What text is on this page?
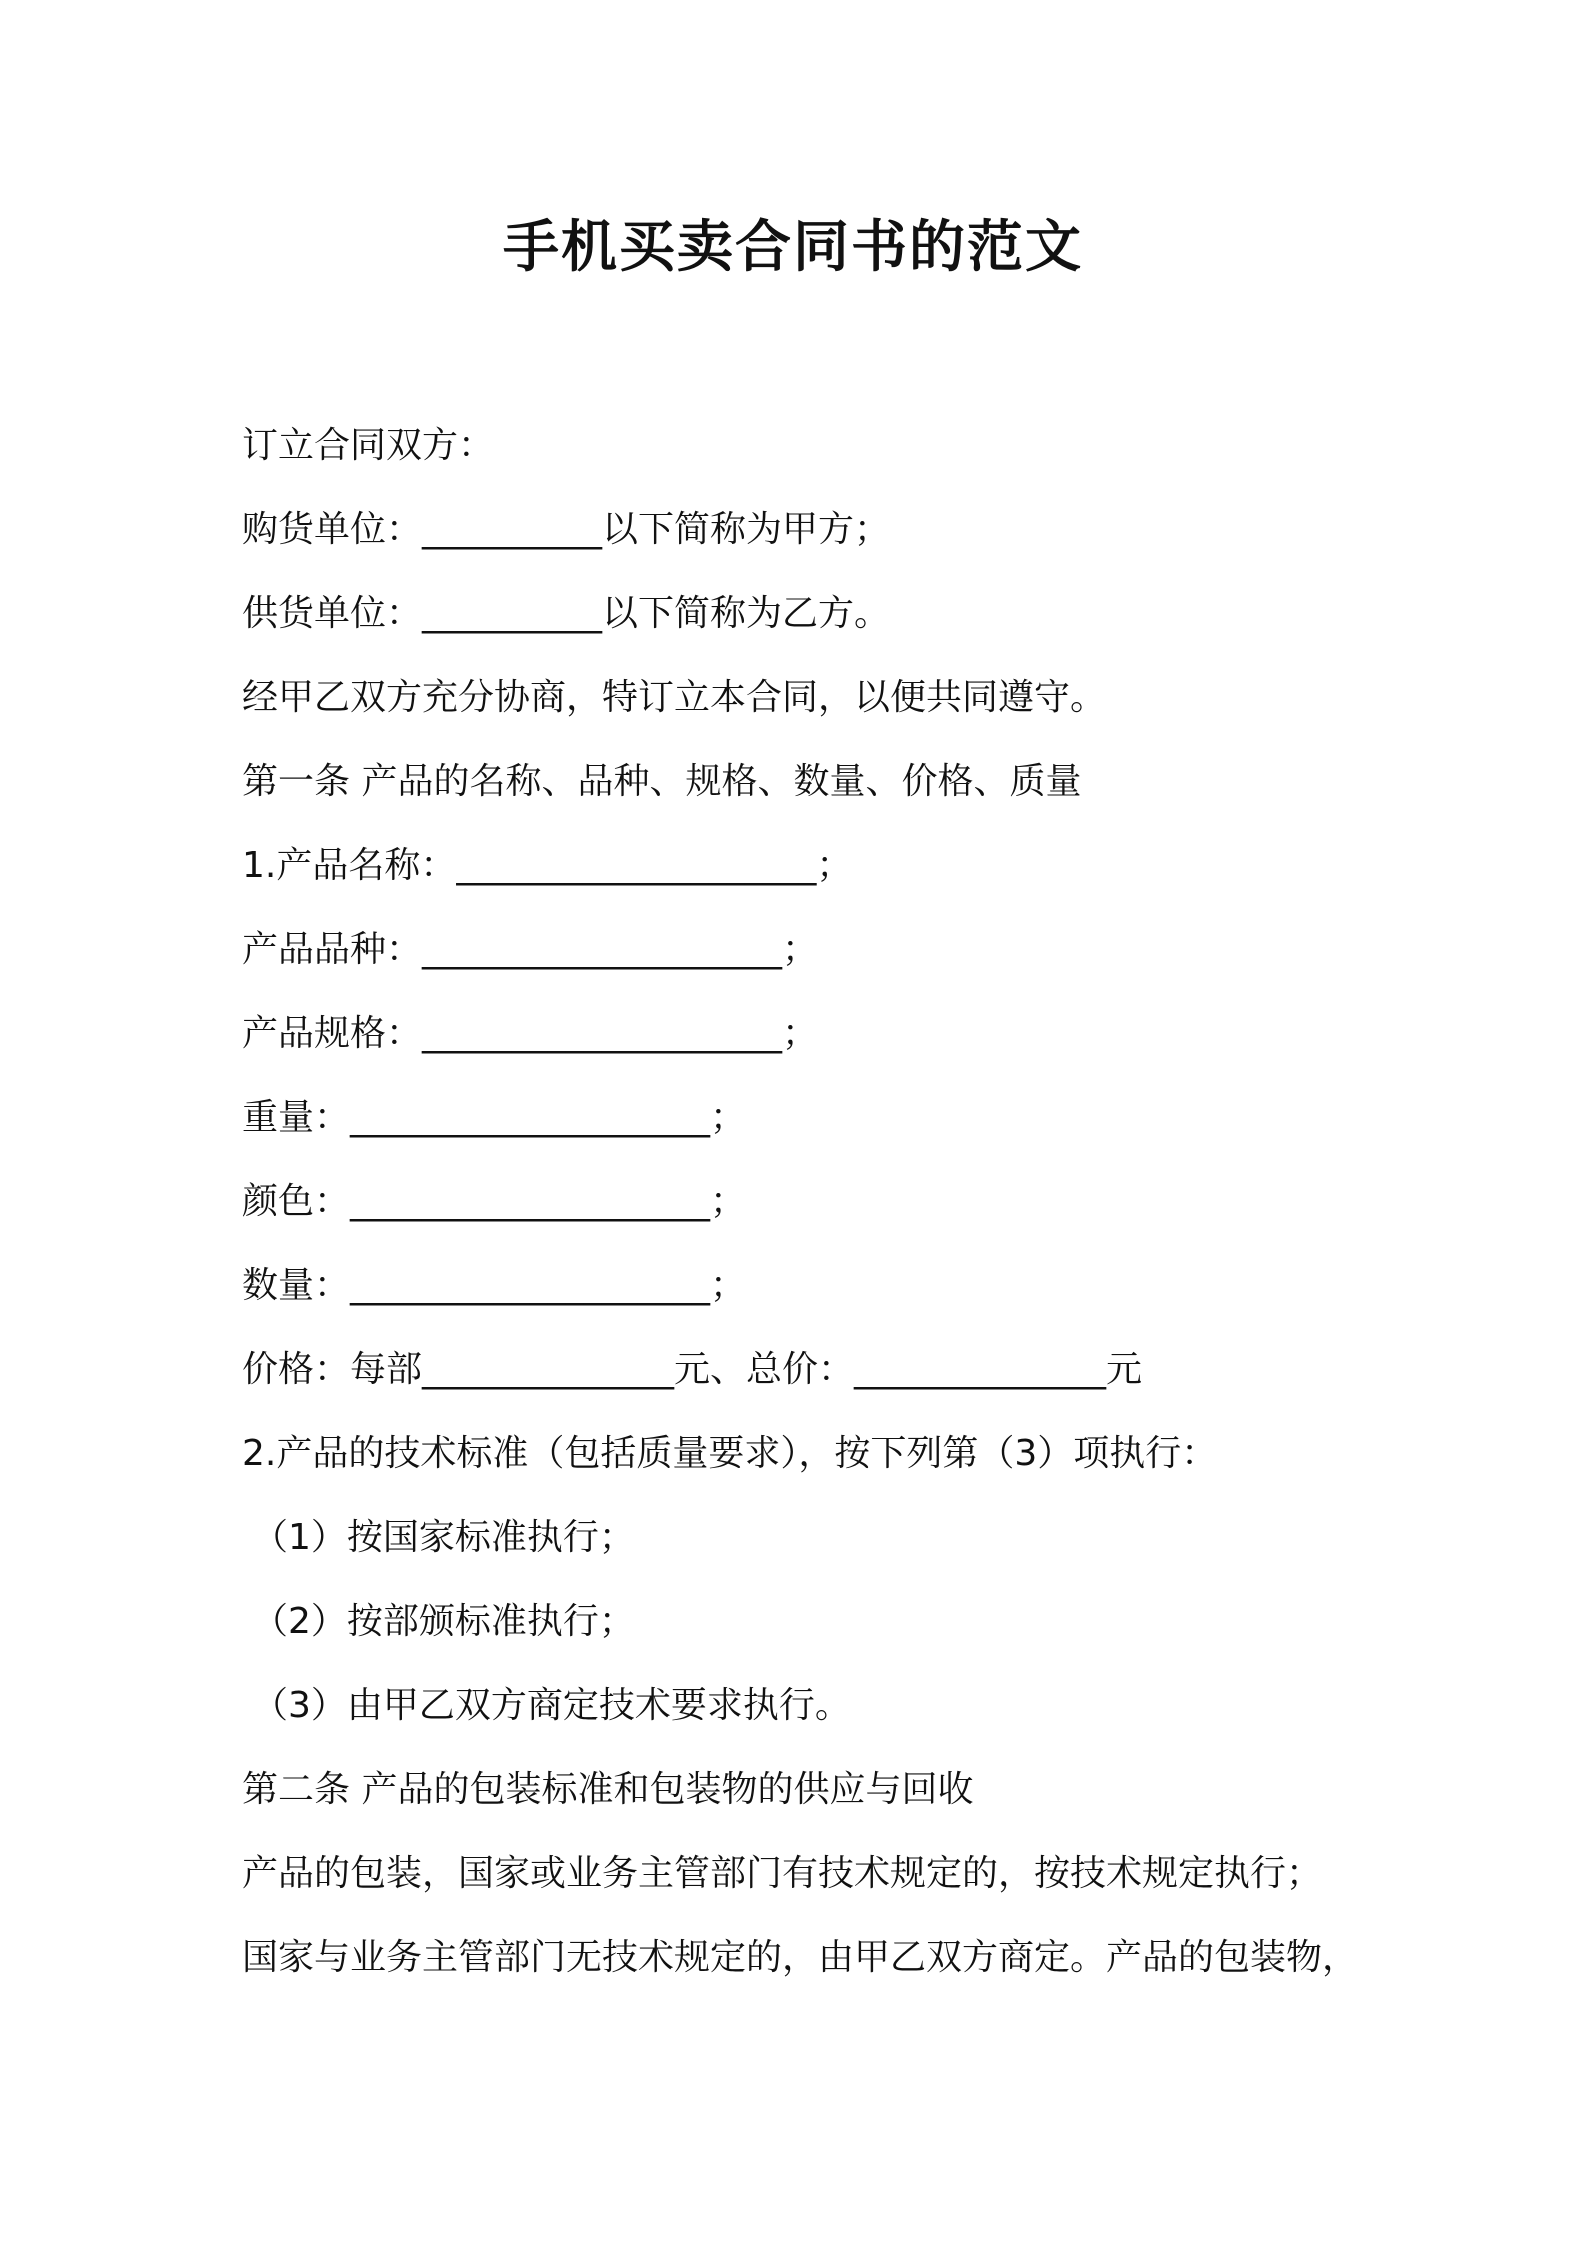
手机买卖合同书的范文
订立合同双方：
购货单位：__________以下简称为甲方；
供货单位：__________以下简称为乙方。
经甲乙双方充分协商，特订立本合同，以便共同遵守。
第一条 产品的名称、品种、规格、数量、价格、质量
1.产品名称：____________________；
产品品种：____________________；
产品规格：____________________；
重量：____________________；
颜色：____________________；
数量：____________________；
价格：每部______________元、总价：______________元
2.产品的技术标准（包括质量要求），按下列第（3）项执行：
（1）按国家标准执行；
（2）按部颁标准执行；
（3）由甲乙双方商定技术要求执行。
第二条 产品的包装标准和包装物的供应与回收
产品的包装，国家或业务主管部门有技术规定的，按技术规定执行；
国家与业务主管部门无技术规定的，由甲乙双方商定。产品的包装物，
